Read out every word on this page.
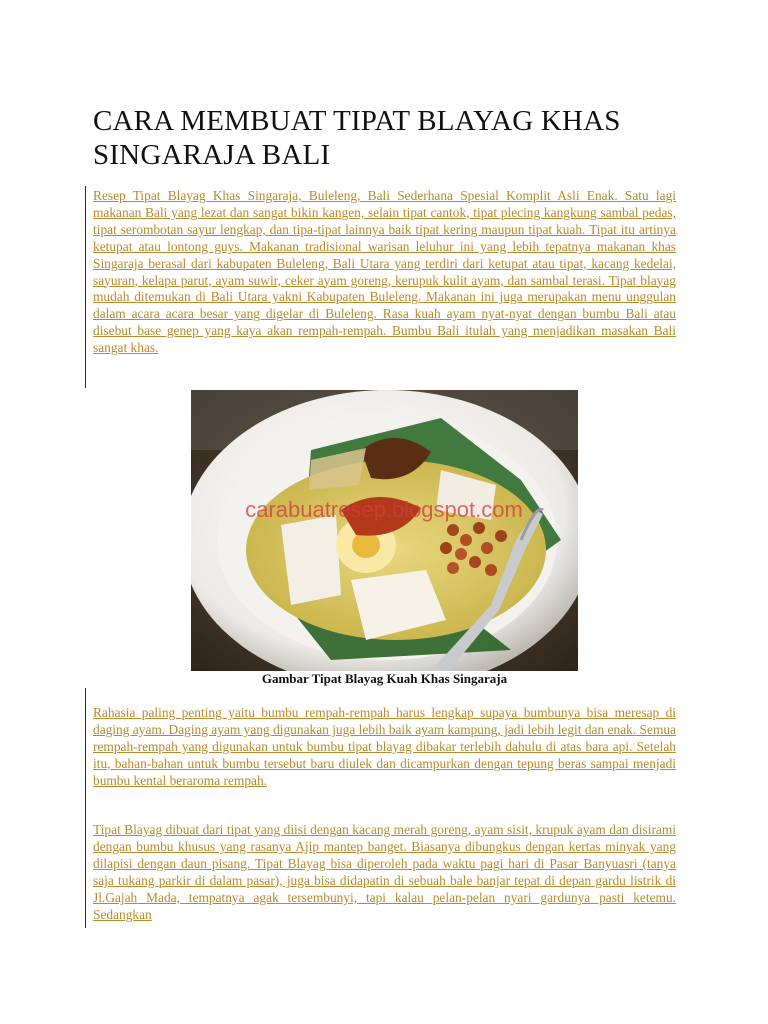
CARA MEMBUAT TIPAT BLAYAG KHAS SINGARAJA BALI

Resep Tipat Blayag Khas Singaraja, Buleleng, Bali Sederhana Spesial Komplit Asli Enak. Satu lagi makanan Bali yang lezat dan sangat bikin kangen, selain tipat cantok, tipat plecing kangkung sambal pedas, tipat serombotan sayur lengkap, dan tipa-tipat lainnya baik tipat kering maupun tipat kuah. Tipat itu artinya ketupat atau lontong guys. Makanan tradisional warisan leluhur ini yang lebih tepatnya makanan khas Singaraja berasal dari kabupaten Buleleng, Bali Utara yang terdiri dari ketupat atau tipat, kacang kedelai, sayuran, kelapa parut, ayam suwir, ceker ayam goreng, kerupuk kulit ayam, dan sambal terasi. Tipat blayag mudah ditemukan di Bali Utara yakni Kabupaten Buleleng. Makanan ini juga merupakan menu unggulan dalam acara acara besar yang digelar di Buleleng. Rasa kuah ayam nyat-nyat dengan bumbu Bali atau disebut base genep yang kaya akan rempah-rempah. Bumbu Bali itulah yang menjadikan masakan Bali sangat khas.

carabuatresep.blogspot.com
Gambar Tipat Blayag Kuah Khas Singaraja

Rahasia paling penting yaitu bumbu rempah-rempah harus lengkap supaya bumbunya bisa meresap di daging ayam. Daging ayam yang digunakan juga lebih baik ayam kampung, jadi lebih legit dan enak. Semua rempah-rempah yang digunakan untuk bumbu tipat blayag dibakar terlebih dahulu di atas bara api. Setelah itu, bahan-bahan untuk bumbu tersebut baru diulek dan dicampurkan dengan tepung beras sampai menjadi bumbu kental beraroma rempah.

Tipat Blayag dibuat dari tipat yang diisi dengan kacang merah goreng, ayam sisit, krupuk ayam dan disirami dengan bumbu khusus yang rasanya Ajip mantep banget. Biasanya dibungkus dengan kertas minyak yang dilapisi dengan daun pisang. Tipat Blayag bisa diperoleh pada waktu pagi hari di Pasar Banyuasri (tanya saja tukang parkir di dalam pasar), juga bisa didapatin di sebuah bale banjar tepat di depan gardu listrik di Jl.Gajah Mada, tempatnya agak tersembunyi, tapi kalau pelan-pelan nyari gardunya pasti ketemu. Sedangkan
